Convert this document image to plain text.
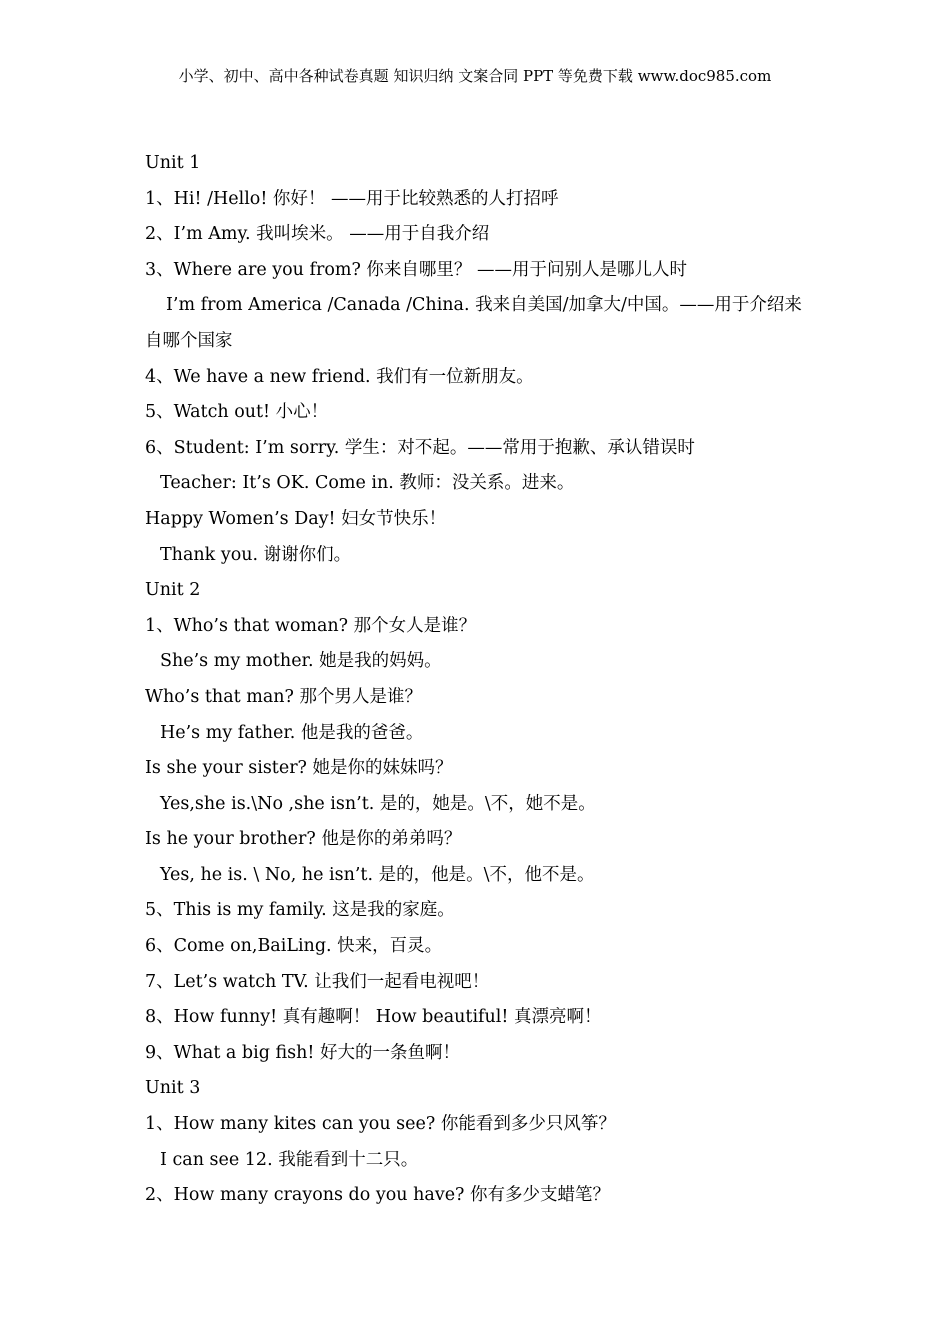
小学、初中、高中各种试卷真题 知识归纳 文案合同 PPT 等免费下载 www.doc985.com
Unit 1
1、Hi! /Hello! 你好！ ——用于比较熟悉的人打招呼
2、I’m Amy. 我叫埃米。 ——用于自我介绍
3、Where are you from? 你来自哪里？ ——用于问别人是哪儿人时
I’m from America /Canada /China. 我来自美国/加拿大/中国。——用于介绍来
自哪个国家
4、We have a new friend. 我们有一位新朋友。
5、Watch out! 小心！
6、Student: I’m sorry. 学生：对不起。——常用于抱歉、承认错误时
Teacher: It’s OK. Come in. 教师：没关系。进来。
Happy Women’s Day! 妇女节快乐！
Thank you. 谢谢你们。
Unit 2
1、Who’s that woman? 那个女人是谁？
She’s my mother. 她是我的妈妈。
Who’s that man? 那个男人是谁？
He’s my father. 他是我的爸爸。
Is she your sister? 她是你的妹妹吗？
Yes,she is.\No ,she isn’t. 是的，她是。\不，她不是。
Is he your brother? 他是你的弟弟吗？
Yes, he is. \ No, he isn’t. 是的，他是。\不，他不是。
5、This is my family. 这是我的家庭。
6、Come on,BaiLing. 快来，百灵。
7、Let’s watch TV. 让我们一起看电视吧！
8、How funny! 真有趣啊！ How beautiful! 真漂亮啊！
9、What a big fish! 好大的一条鱼啊！
Unit 3
1、How many kites can you see? 你能看到多少只风筝？
I can see 12. 我能看到十二只。
2、How many crayons do you have? 你有多少支蜡笔？
